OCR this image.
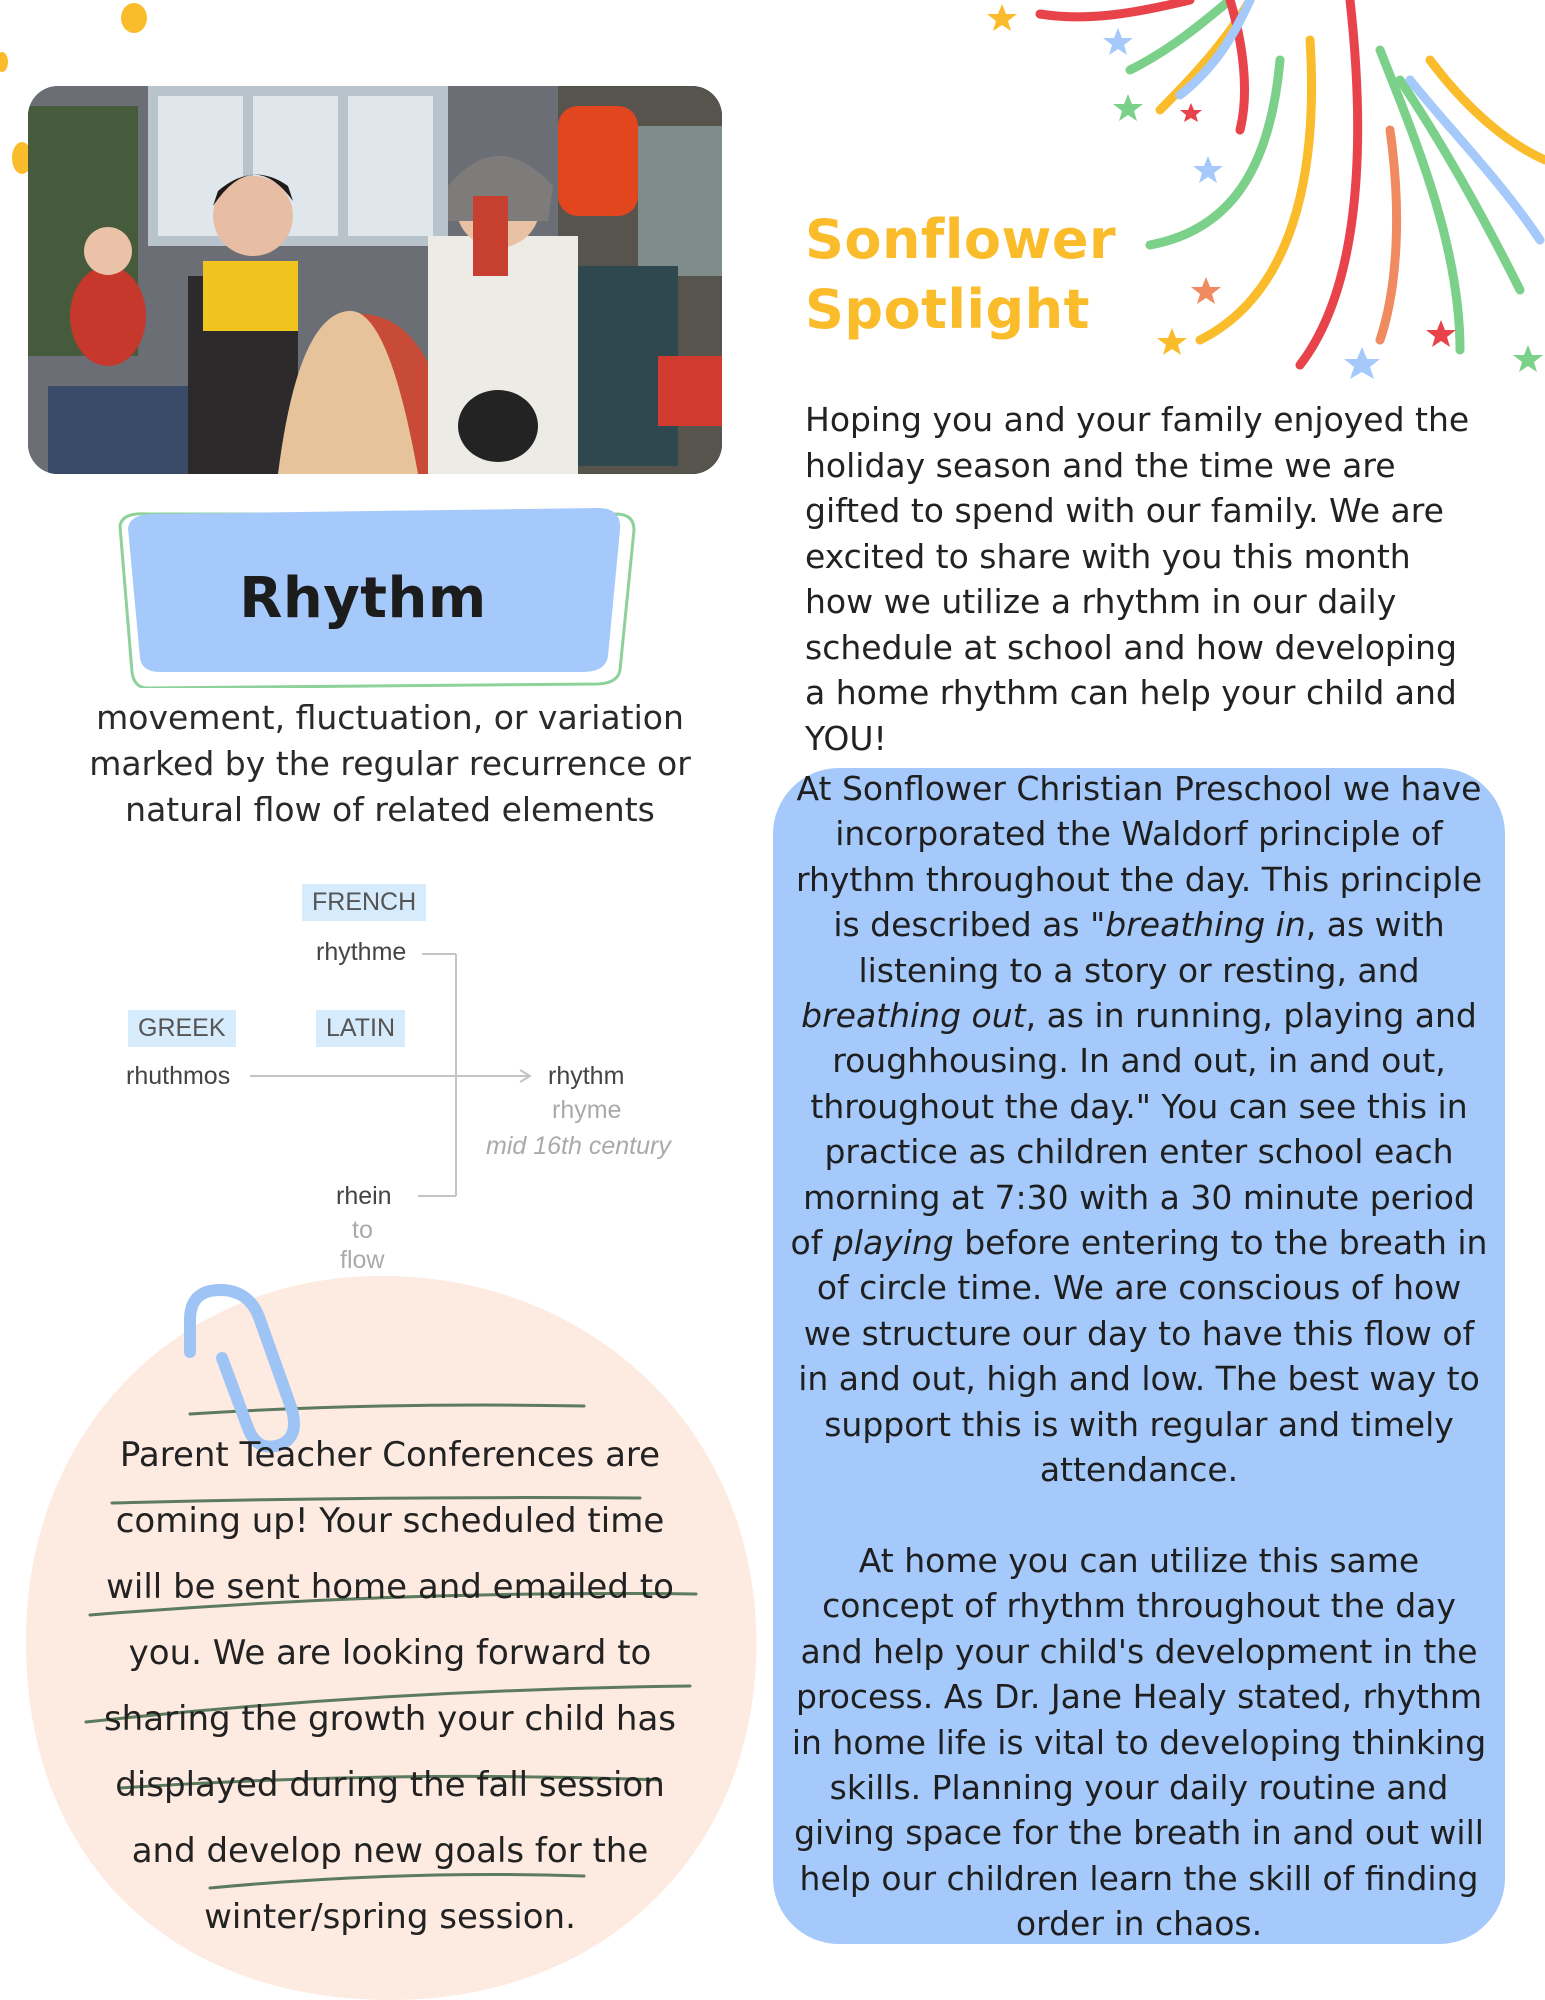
Rhythm
movement, fluctuation, or variation marked by the regular recurrence or natural flow of related elements
FRENCH
rhythme
GREEK	LATIN
rhuthmos	rhythm
rhyme
mid 16th century
rhein
to
flow
Parent Teacher Conferences are coming up! Your scheduled time will be sent home and emailed to you. We are looking forward to sharing the growth your child has displayed during the fall session and develop new goals for the winter/spring session.
Sonflower
Spotlight
Hoping you and your family enjoyed the holiday season and the time we are gifted to spend with our family. We are excited to share with you this month how we utilize a rhythm in our daily schedule at school and how developing a home rhythm can help your child and YOU!

At Sonflower Christian Preschool we have incorporated the Waldorf principle of rhythm throughout the day. This principle is described as "breathing in, as with listening to a story or resting, and breathing out, as in running, playing and roughhousing. In and out, in and out, throughout the day." You can see this in practice as children enter school each morning at 7:30 with a 30 minute period of playing before entering to the breath in of circle time. We are conscious of how we structure our day to have this flow of in and out, high and low. The best way to support this is with regular and timely attendance.

At home you can utilize this same concept of rhythm throughout the day and help your child's development in the process. As Dr. Jane Healy stated, rhythm in home life is vital to developing thinking skills. Planning your daily routine and giving space for the breath in and out will help our children learn the skill of finding order in chaos.
